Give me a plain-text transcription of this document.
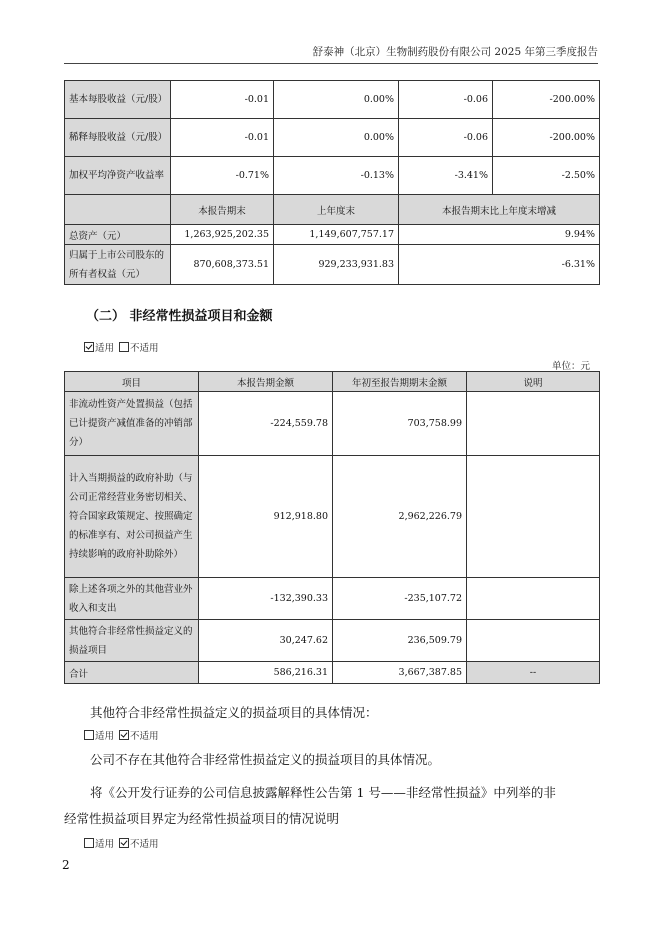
舒泰神（北京）生物制药股份有限公司 2025 年第三季度报告
基本每股收益（元/股）	-0.01	0.00%	-0.06	-200.00%
稀释每股收益（元/股）	-0.01	0.00%	-0.06	-200.00%
加权平均净资产收益率	-0.71%	-0.13%	-3.41%	-2.50%
	本报告期末	上年度末	本报告期末比上年度末增减	
总资产（元）	1,263,925,202.35	1,149,607,757.17	9.94%	
归属于上市公司股东的所有者权益（元）	870,608,373.51	929,233,931.83	-6.31%	
（二） 非经常性损益项目和金额
适用 不适用
单位：元
项目	本报告期金额	年初至报告期期末金额	说明
非流动性资产处置损益（包括已计提资产减值准备的冲销部分）	-224,559.78	703,758.99	
计入当期损益的政府补助（与公司正常经营业务密切相关、符合国家政策规定、按照确定的标准享有、对公司损益产生持续影响的政府补助除外）	912,918.80	2,962,226.79	
除上述各项之外的其他营业外收入和支出	-132,390.33	-235,107.72	
其他符合非经常性损益定义的损益项目	30,247.62	236,509.79	
合计	586,216.31	3,667,387.85	--
其他符合非经常性损益定义的损益项目的具体情况：
适用 不适用
公司不存在其他符合非经常性损益定义的损益项目的具体情况。
将《公开发行证券的公司信息披露解释性公告第 1 号——非经常性损益》中列举的非
经常性损益项目界定为经常性损益项目的情况说明
适用 不适用
2
